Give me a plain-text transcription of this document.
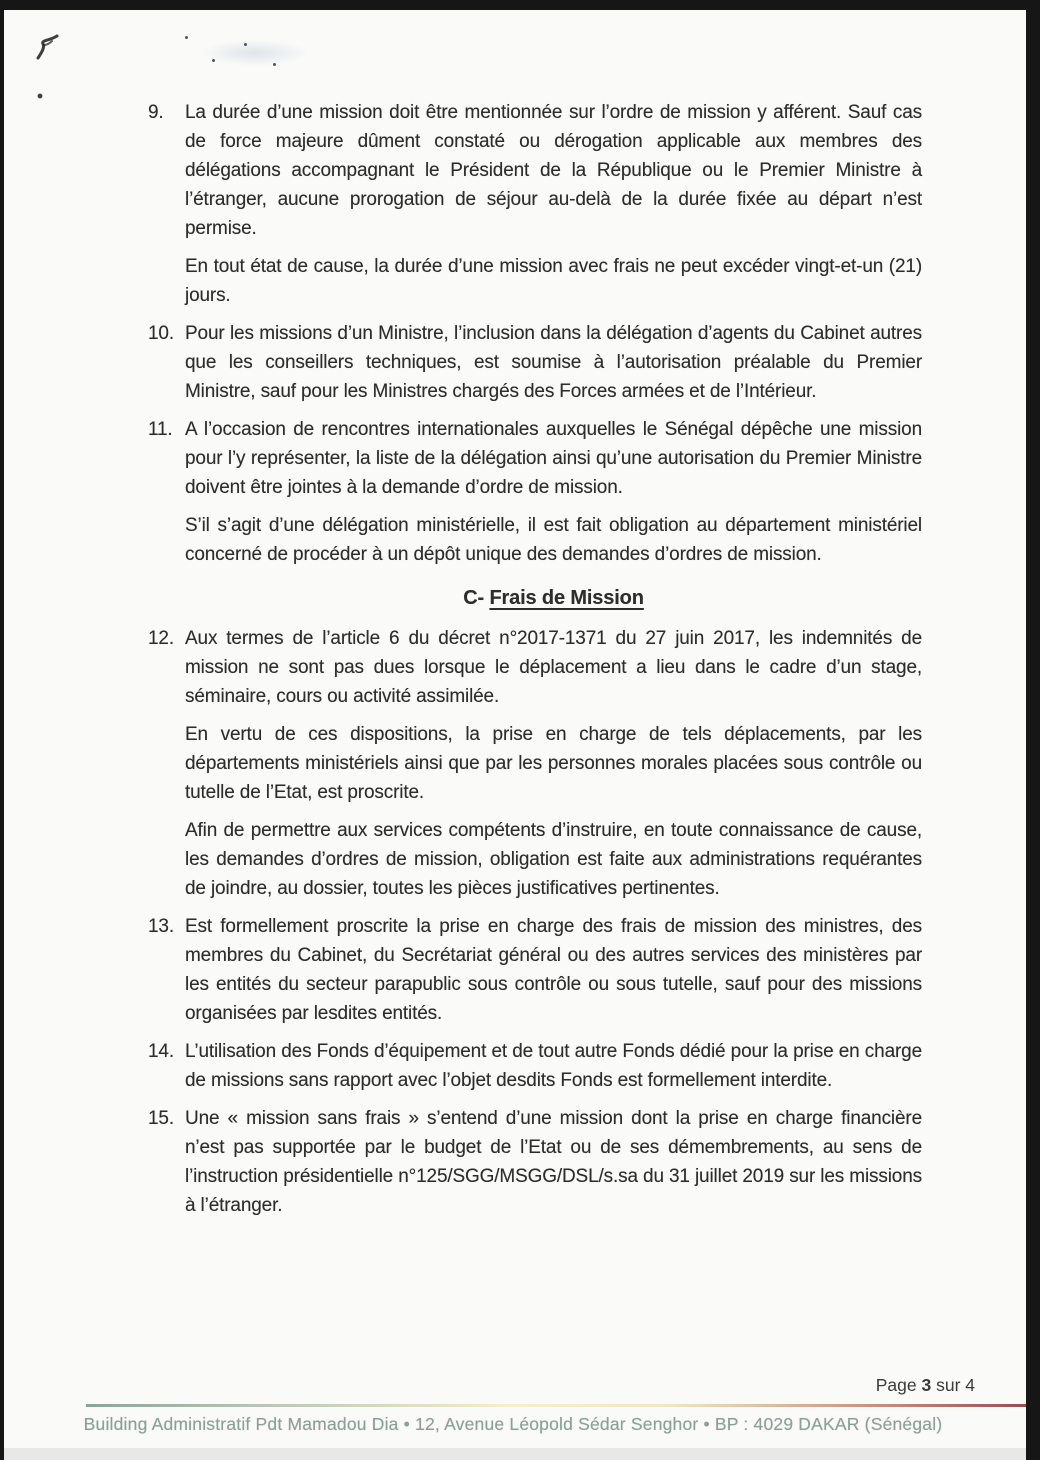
9.	La durée d’une mission doit être mentionnée sur l’ordre de mission y afférent. Sauf cas de force majeure dûment constaté ou dérogation applicable aux membres des délégations accompagnant le Président de la République ou le Premier Ministre à l’étranger, aucune prorogation de séjour au-delà de la durée fixée au départ n’est permise.

En tout état de cause, la durée d’une mission avec frais ne peut excéder vingt-et-un (21) jours.

10. Pour les missions d’un Ministre, l’inclusion dans la délégation d’agents du Cabinet autres que les conseillers techniques, est soumise à l’autorisation préalable du Premier Ministre, sauf pour les Ministres chargés des Forces armées et de l’Intérieur.

11. A l’occasion de rencontres internationales auxquelles le Sénégal dépêche une mission pour l’y représenter, la liste de la délégation ainsi qu’une autorisation du Premier Ministre doivent être jointes à la demande d’ordre de mission.

S’il s’agit d’une délégation ministérielle, il est fait obligation au département ministériel concerné de procéder à un dépôt unique des demandes d’ordres de mission.

C- Frais de Mission
12. Aux termes de l’article 6 du décret n°2017-1371 du 27 juin 2017, les indemnités de mission ne sont pas dues lorsque le déplacement a lieu dans le cadre d’un stage, séminaire, cours ou activité assimilée.

En vertu de ces dispositions, la prise en charge de tels déplacements, par les départements ministériels ainsi que par les personnes morales placées sous contrôle ou tutelle de l’Etat, est proscrite.

Afin de permettre aux services compétents d’instruire, en toute connaissance de cause, les demandes d’ordres de mission, obligation est faite aux administrations requérantes de joindre, au dossier, toutes les pièces justificatives pertinentes.

13. Est formellement proscrite la prise en charge des frais de mission des ministres, des membres du Cabinet, du Secrétariat général ou des autres services des ministères par les entités du secteur parapublic sous contrôle ou sous tutelle, sauf pour des missions organisées par lesdites entités.

14. L’utilisation des Fonds d’équipement et de tout autre Fonds dédié pour la prise en charge de missions sans rapport avec l’objet desdits Fonds est formellement interdite.

15. Une « mission sans frais » s’entend d’une mission dont la prise en charge financière n’est pas supportée par le budget de l’Etat ou de ses démembrements, au sens de l’instruction présidentielle n°125/SGG/MSGG/DSL/s.sa du 31 juillet 2019 sur les missions à l’étranger.

Page 3 sur 4
Building Administratif Pdt Mamadou Dia • 12, Avenue Léopold Sédar Senghor • BP : 4029 DAKAR (Sénégal)
